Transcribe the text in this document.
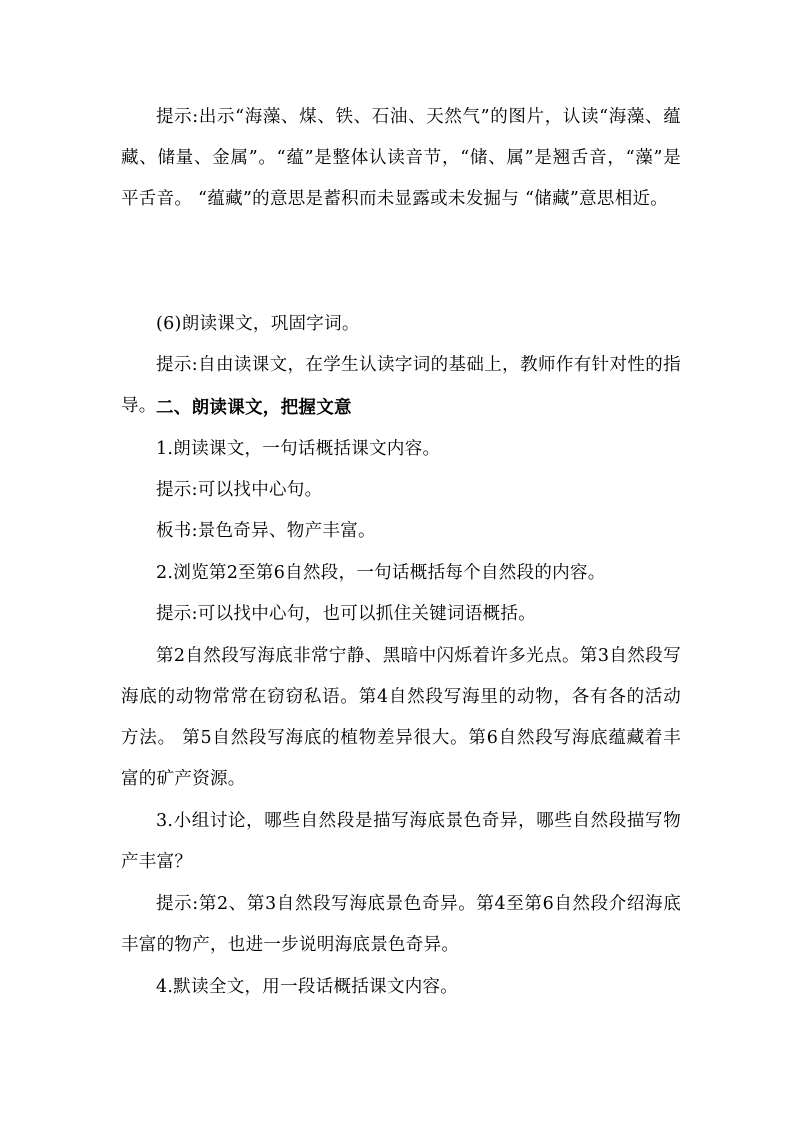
提示:出示“海藻、煤、铁、石油、天然气”的图片，认读“海藻、蕴藏、储量、金属”。“蕴”是整体认读音节，“储、属”是翘舌音，“藻”是平舌音。 “蕴藏”的意思是蓄积而未显露或未发掘与 “储藏”意思相近。

(6)朗读课文，巩固字词。

提示:自由读课文，在学生认读字词的基础上，教师作有针对性的指导。 二、朗读课文，把握文意

1.朗读课文，一句话概括课文内容。

提示:可以找中心句。

板书:景色奇异、物产丰富。

2.浏览第2至第6自然段，一句话概括每个自然段的内容。

提示:可以找中心句，也可以抓住关键词语概括。

第2自然段写海底非常宁静、黑暗中闪烁着许多光点。第3自然段写海底的动物常常在窃窃私语。第4自然段写海里的动物，各有各的活动方法。 第5自然段写海底的植物差异很大。第6自然段写海底蕴藏着丰富的矿产资源。

3.小组讨论，哪些自然段是描写海底景色奇异，哪些自然段描写物产丰富？

提示:第2、第3自然段写海底景色奇异。第4至第6自然段介绍海底丰富的物产，也进一步说明海底景色奇异。

4.默读全文，用一段话概括课文内容。
